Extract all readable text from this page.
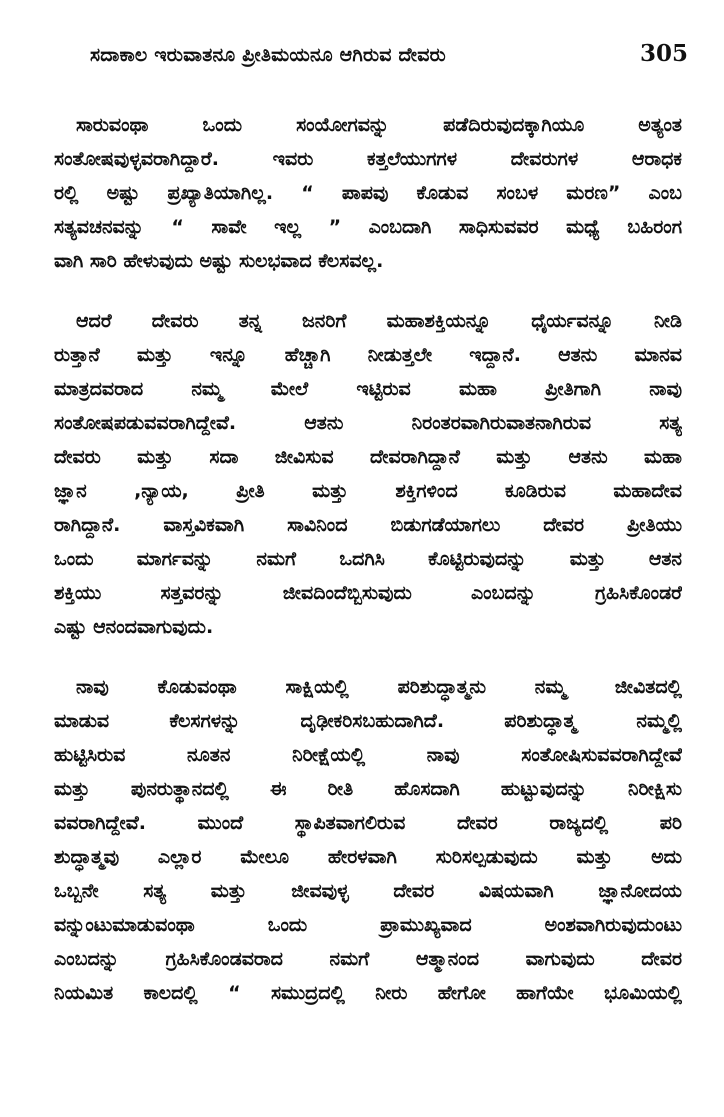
ಸದಾಕಾಲ ಇರುವಾತನೂ ಪ್ರೀತಿಮಯನೂ ಆಗಿರುವ ದೇವರು	305
ಸಾರುವಂಥಾ ಒಂದು ಸಂಯೋಗವನ್ನು ಪಡೆದಿರುವುದಕ್ಕಾಗಿಯೂ ಅತ್ಯಂತ
ಸಂತೋಷವುಳ್ಳವರಾಗಿದ್ದಾರೆ. ಇವರು ಕತ್ತಲೆಯುಗಗಳ ದೇವರುಗಳ ಆರಾಧಕ
ರಲ್ಲಿ ಅಷ್ಟು ಪ್ರಖ್ಯಾತಿಯಾಗಿಲ್ಲ. “ ಪಾಪವು ಕೊಡುವ ಸಂಬಳ ಮರಣ” ಎಂಬ
ಸತ್ಯವಚನವನ್ನು “ ಸಾವೇ ಇಲ್ಲ ” ಎಂಬದಾಗಿ ಸಾಧಿಸುವವರ ಮಧ್ಯೆ ಬಹಿರಂಗ
ವಾಗಿ ಸಾರಿ ಹೇಳುವುದು ಅಷ್ಟು ಸುಲಭವಾದ ಕೆಲಸವಲ್ಲ.
ಆದರೆ ದೇವರು ತನ್ನ ಜನರಿಗೆ ಮಹಾಶಕ್ತಿಯನ್ನೂ ಧೈರ್ಯವನ್ನೂ ನೀಡಿ
ರುತ್ತಾನೆ ಮತ್ತು ಇನ್ನೂ ಹೆಚ್ಚಾಗಿ ನೀಡುತ್ತಲೇ ಇದ್ದಾನೆ. ಆತನು ಮಾನವ
ಮಾತ್ರದವರಾದ ನಮ್ಮ ಮೇಲೆ ಇಟ್ಟಿರುವ ಮಹಾ ಪ್ರೀತಿಗಾಗಿ ನಾವು
ಸಂತೋಷಪಡುವವರಾಗಿದ್ದೇವೆ. ಆತನು ನಿರಂತರವಾಗಿರುವಾತನಾಗಿರುವ ಸತ್ಯ
ದೇವರು ಮತ್ತು ಸದಾ ಜೀವಿಸುವ ದೇವರಾಗಿದ್ದಾನೆ ಮತ್ತು ಆತನು ಮಹಾ
ಜ್ಞಾನ ,ನ್ಯಾಯ, ಪ್ರೀತಿ ಮತ್ತು ಶಕ್ತಿಗಳಿಂದ ಕೂಡಿರುವ ಮಹಾದೇವ
ರಾಗಿದ್ದಾನೆ. ವಾಸ್ತವಿಕವಾಗಿ ಸಾವಿನಿಂದ ಬಿಡುಗಡೆಯಾಗಲು ದೇವರ ಪ್ರೀತಿಯು
ಒಂದು ಮಾರ್ಗವನ್ನು ನಮಗೆ ಒದಗಿಸಿ ಕೊಟ್ಟಿರುವುದನ್ನು ಮತ್ತು ಆತನ
ಶಕ್ತಿಯು ಸತ್ತವರನ್ನು ಜೀವದಿಂದೆಬ್ಬಿಸುವುದು ಎಂಬದನ್ನು ಗ್ರಹಿಸಿಕೊಂಡರೆ
ಎಷ್ಟು ಆನಂದವಾಗುವುದು.
ನಾವು ಕೊಡುವಂಥಾ ಸಾಕ್ಷಿಯಲ್ಲಿ ಪರಿಶುದ್ಧಾತ್ಮನು ನಮ್ಮ ಜೀವಿತದಲ್ಲಿ
ಮಾಡುವ ಕೆಲಸಗಳನ್ನು ದೃಢೀಕರಿಸಬಹುದಾಗಿದೆ. ಪರಿಶುದ್ಧಾತ್ಮ ನಮ್ಮಲ್ಲಿ
ಹುಟ್ಟಿಸಿರುವ ನೂತನ ನಿರೀಕ್ಷೆಯಲ್ಲಿ ನಾವು ಸಂತೋಷಿಸುವವರಾಗಿದ್ದೇವೆ
ಮತ್ತು ಪುನರುತ್ಥಾನದಲ್ಲಿ ಈ ರೀತಿ ಹೊಸದಾಗಿ ಹುಟ್ಟುವುದನ್ನು ನಿರೀಕ್ಷಿಸು
ವವರಾಗಿದ್ದೇವೆ. ಮುಂದೆ ಸ್ಥಾಪಿತವಾಗಲಿರುವ ದೇವರ ರಾಜ್ಯದಲ್ಲಿ ಪರಿ
ಶುದ್ಧಾತ್ಮವು ಎಲ್ಲಾರ ಮೇಲೂ ಹೇರಳವಾಗಿ ಸುರಿಸಲ್ಪಡುವುದು ಮತ್ತು ಅದು
ಒಬ್ಬನೇ ಸತ್ಯ ಮತ್ತು ಜೀವವುಳ್ಳ ದೇವರ ವಿಷಯವಾಗಿ ಜ್ಞಾನೋದಯ
ವನ್ನುಂಟುಮಾಡುವಂಥಾ ಒಂದು ಪ್ರಾಮುಖ್ಯವಾದ ಅಂಶವಾಗಿರುವುದುಂಟು
ಎಂಬದನ್ನು ಗ್ರಹಿಸಿಕೊಂಡವರಾದ ನಮಗೆ ಆತ್ಮಾನಂದ ವಾಗುವುದು ದೇವರ
ನಿಯಮಿತ ಕಾಲದಲ್ಲಿ “ ಸಮುದ್ರದಲ್ಲಿ ನೀರು ಹೇಗೋ ಹಾಗೆಯೇ ಭೂಮಿಯಲ್ಲಿ
